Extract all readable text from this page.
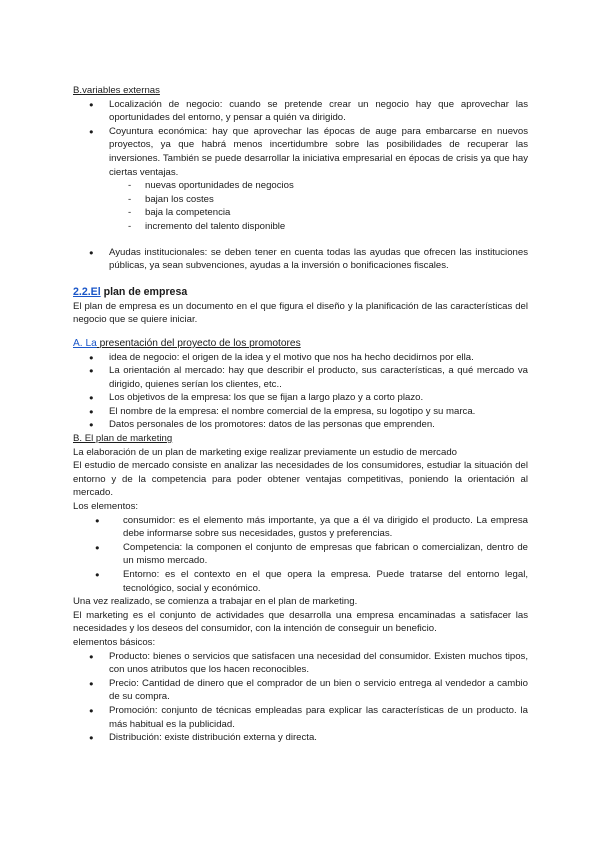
B.variables externas

● Localización de negocio: cuando se pretende crear un negocio hay que aprovechar las oportunidades del entorno, y pensar a quién va dirigido.
● Coyuntura económica: hay que aprovechar las épocas de auge para embarcarse en nuevos proyectos, ya que habrá menos incertidumbre sobre las posibilidades de recuperar las inversiones. También se puede desarrollar la iniciativa empresarial en épocas de crisis ya que hay ciertas ventajas.
- nuevas oportunidades de negocios
- bajan los costes
- baja la competencia
- incremento del talento disponible
● Ayudas institucionales: se deben tener en cuenta todas las ayudas que ofrecen las instituciones públicas, ya sean subvenciones, ayudas a la inversión o bonificaciones fiscales.

2.2.El plan de empresa

El plan de empresa es un documento en el que figura el diseño y la planificación de las características del negocio que se quiere iniciar.

A. La presentación del proyecto de los promotores

● idea de negocio: el origen de la idea y el motivo que nos ha hecho decidirnos por ella.
● La orientación al mercado: hay que describir el producto, sus características, a qué mercado va dirigido, quienes serían los clientes, etc..
● Los objetivos de la empresa: los que se fijan a largo plazo y a corto plazo.
● El nombre de la empresa: el nombre comercial de la empresa, su logotipo y su marca.
● Datos personales de los promotores: datos de las personas que emprenden.

B. El plan de marketing

La elaboración de un plan de marketing exige realizar previamente un estudio de mercado

El estudio de mercado consiste en analizar las necesidades de los consumidores, estudiar la situación del entorno y de la competencia para poder obtener ventajas competitivas, poniendo la orientación al mercado.

Los elementos:

● consumidor: es el elemento más importante, ya que a él va dirigido el producto. La empresa debe informarse sobre sus necesidades, gustos y preferencias.
● Competencia: la componen el conjunto de empresas que fabrican o comercializan, dentro de un mismo mercado.
● Entorno: es el contexto en el que opera la empresa. Puede tratarse del entorno legal, tecnológico, social y económico.

Una vez realizado, se comienza a trabajar en el plan de marketing.

El marketing es el conjunto de actividades que desarrolla una empresa encaminadas a satisfacer las necesidades y los deseos del consumidor, con la intención de conseguir un beneficio.

elementos básicos:

● Producto: bienes o servicios que satisfacen una necesidad del consumidor. Existen muchos tipos, con unos atributos que los hacen reconocibles.
● Precio: Cantidad de dinero que el comprador de un bien o servicio entrega al vendedor a cambio de su compra.
● Promoción: conjunto de técnicas empleadas para explicar las características de un producto. la más habitual es la publicidad.
● Distribución: existe distribución externa y directa.
